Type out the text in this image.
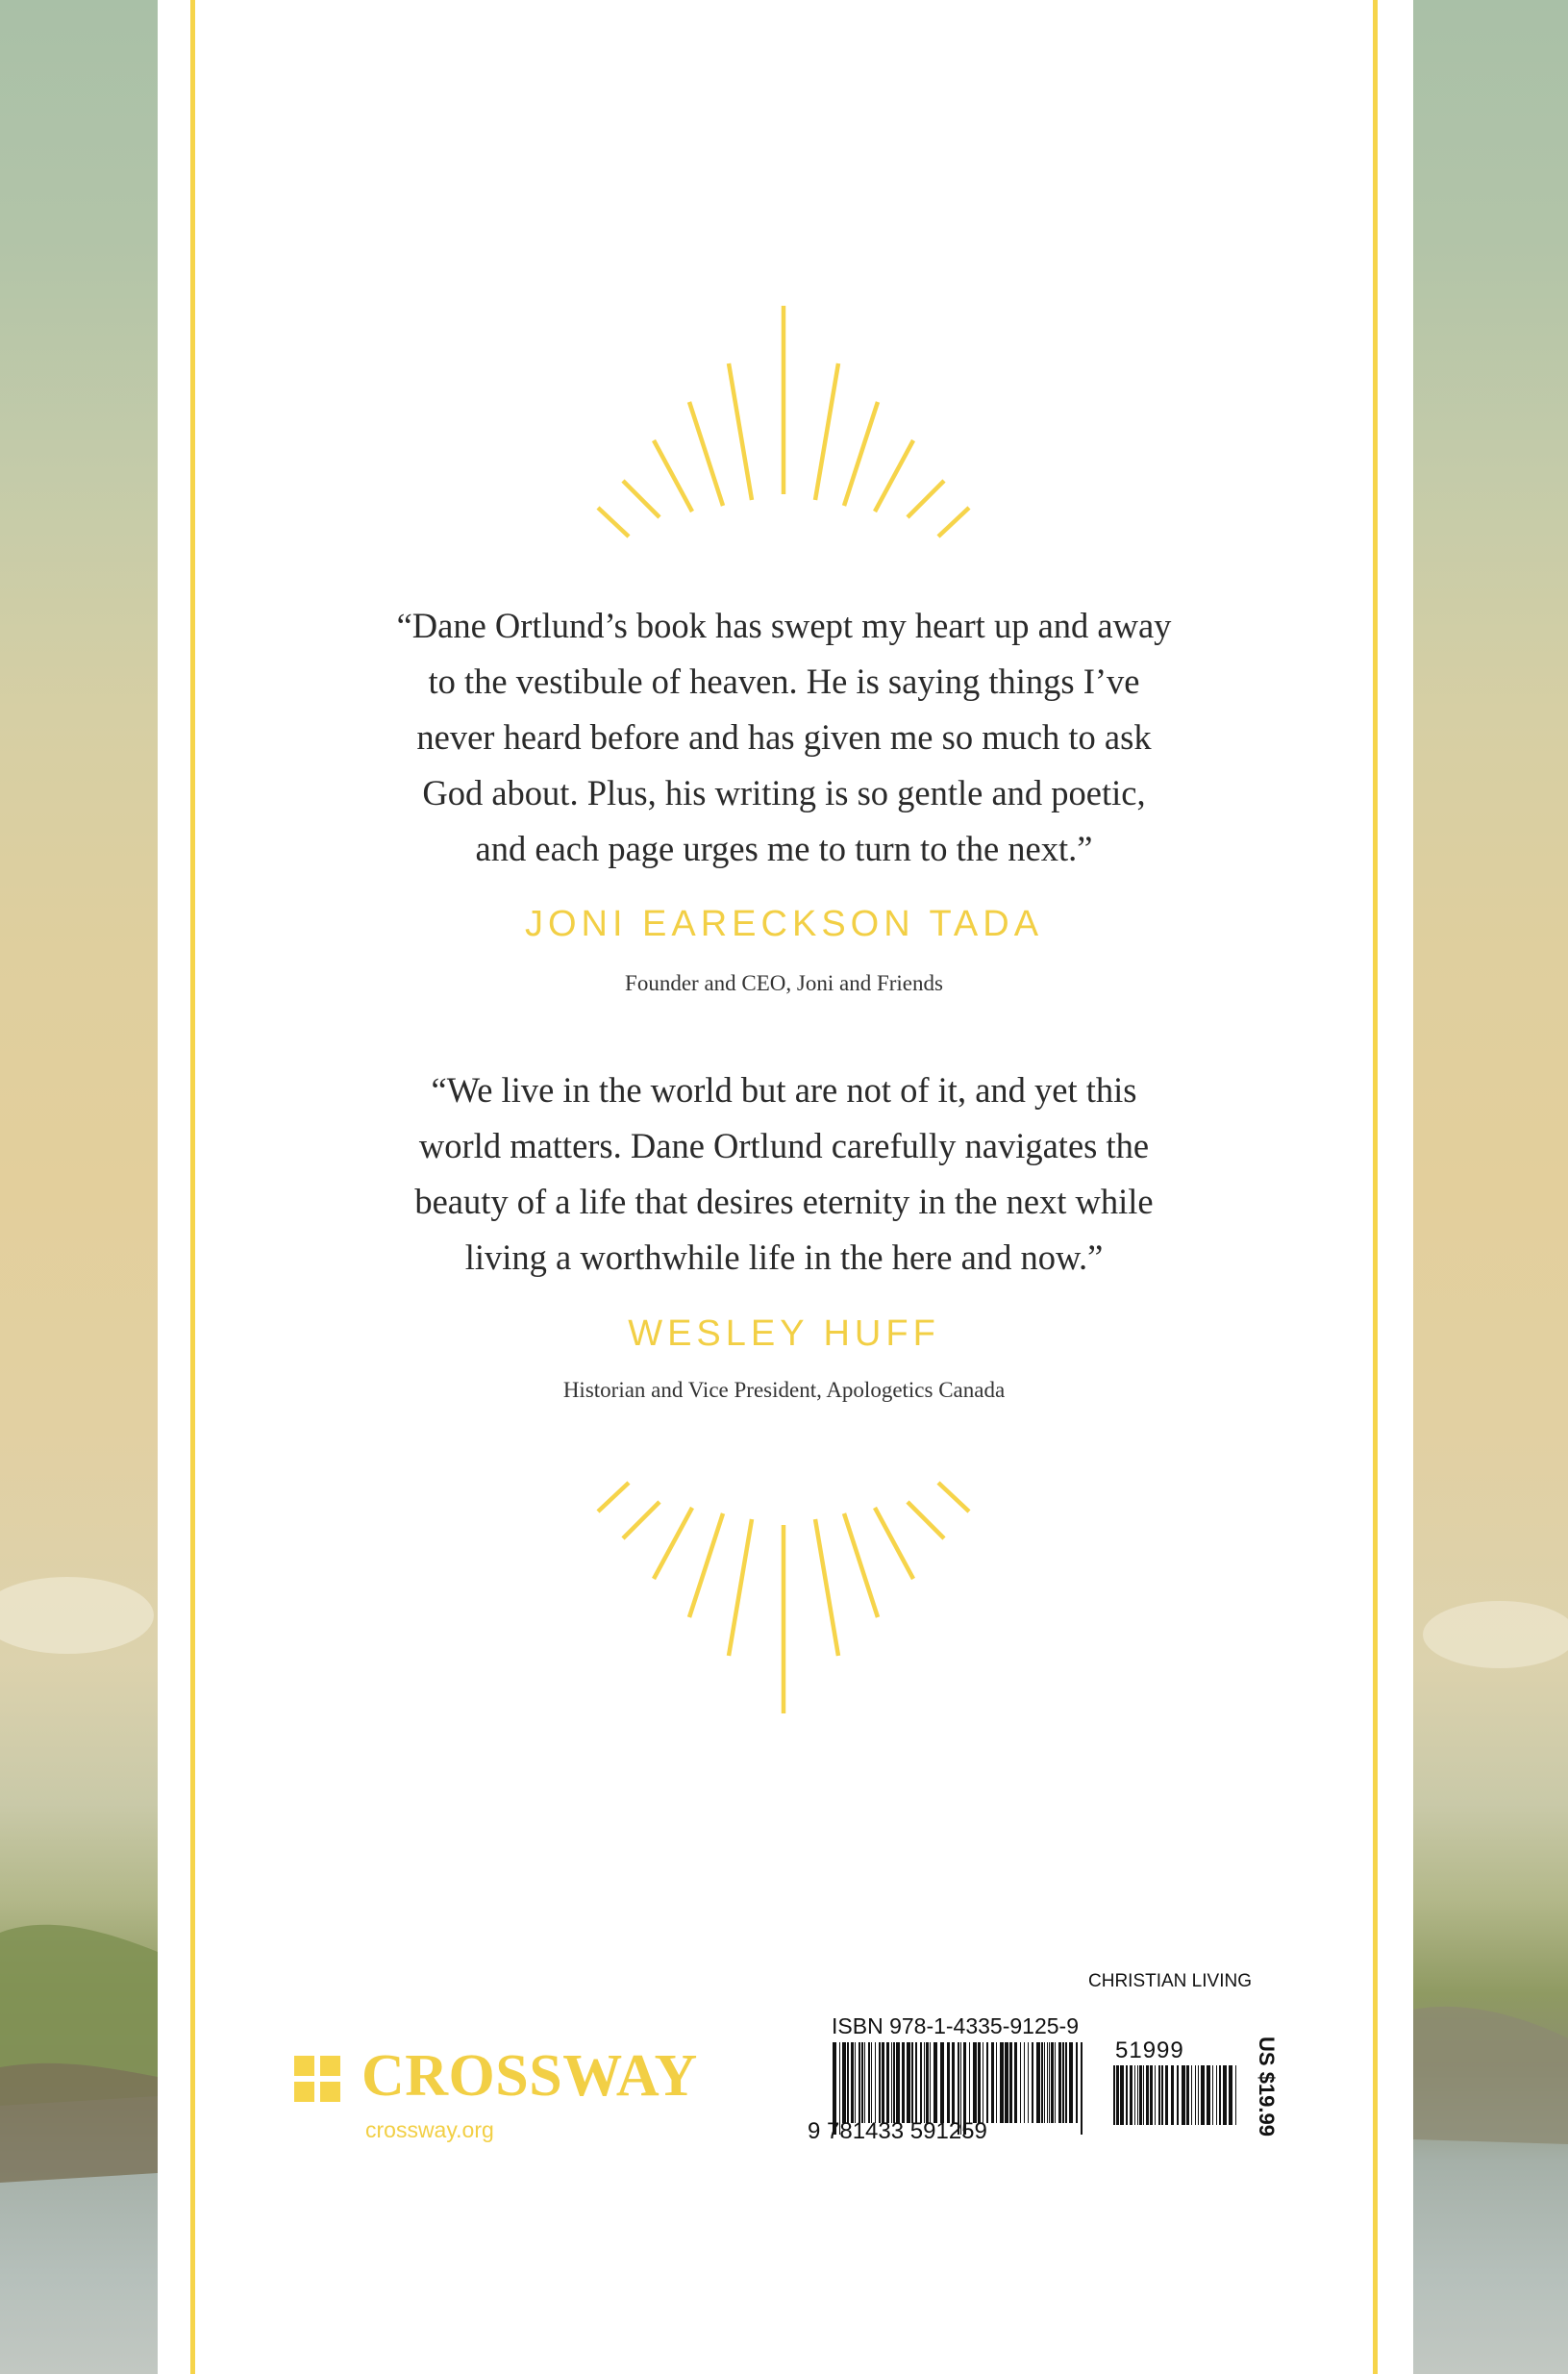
“Dane Ortlund’s book has swept my heart up and away
to the vestibule of heaven. He is saying things I’ve
never heard before and has given me so much to ask
God about. Plus, his writing is so gentle and poetic,
and each page urges me to turn to the next.”
JONI EARECKSON TADA
Founder and CEO, Joni and Friends
“We live in the world but are not of it, and yet this
world matters. Dane Ortlund carefully navigates the
beauty of a life that desires eternity in the next while
living a worthwhile life in the here and now.”
WESLEY HUFF
Historian and Vice President, Apologetics Canada
CROSSWAY
crossway.org
CHRISTIAN LIVING
ISBN 978-1-4335-9125-9
9 781433 591259
51999	US $19.99
